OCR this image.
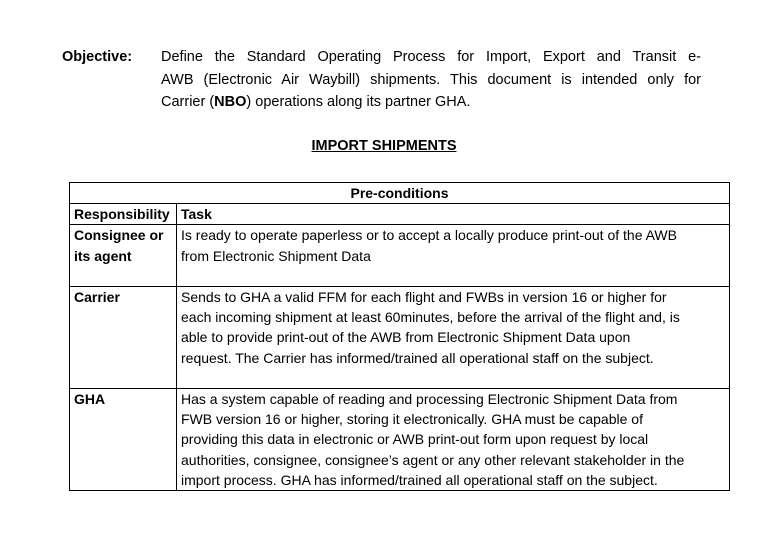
Objective: Define the Standard Operating Process for Import, Export and Transit e-
AWB (Electronic Air Waybill) shipments. This document is intended only for
Carrier (NBO) operations along its partner GHA.
IMPORT SHIPMENTS
Pre-conditions	
Responsibility	Task

Consignee or
its agent	Is ready to operate paperless or to accept a locally produce print-out of the AWB
from Electronic Shipment Data

Carrier	Sends to GHA a valid FFM for each flight and FWBs in version 16 or higher for
each incoming shipment at least 60minutes, before the arrival of the flight and, is
able to provide print-out of the AWB from Electronic Shipment Data upon
request. The Carrier has informed/trained all operational staff on the subject.

GHA	Has a system capable of reading and processing Electronic Shipment Data from
FWB version 16 or higher, storing it electronically. GHA must be capable of
providing this data in electronic or AWB print-out form upon request by local
authorities, consignee, consignee’s agent or any other relevant stakeholder in the
import process. GHA has informed/trained all operational staff on the subject.
